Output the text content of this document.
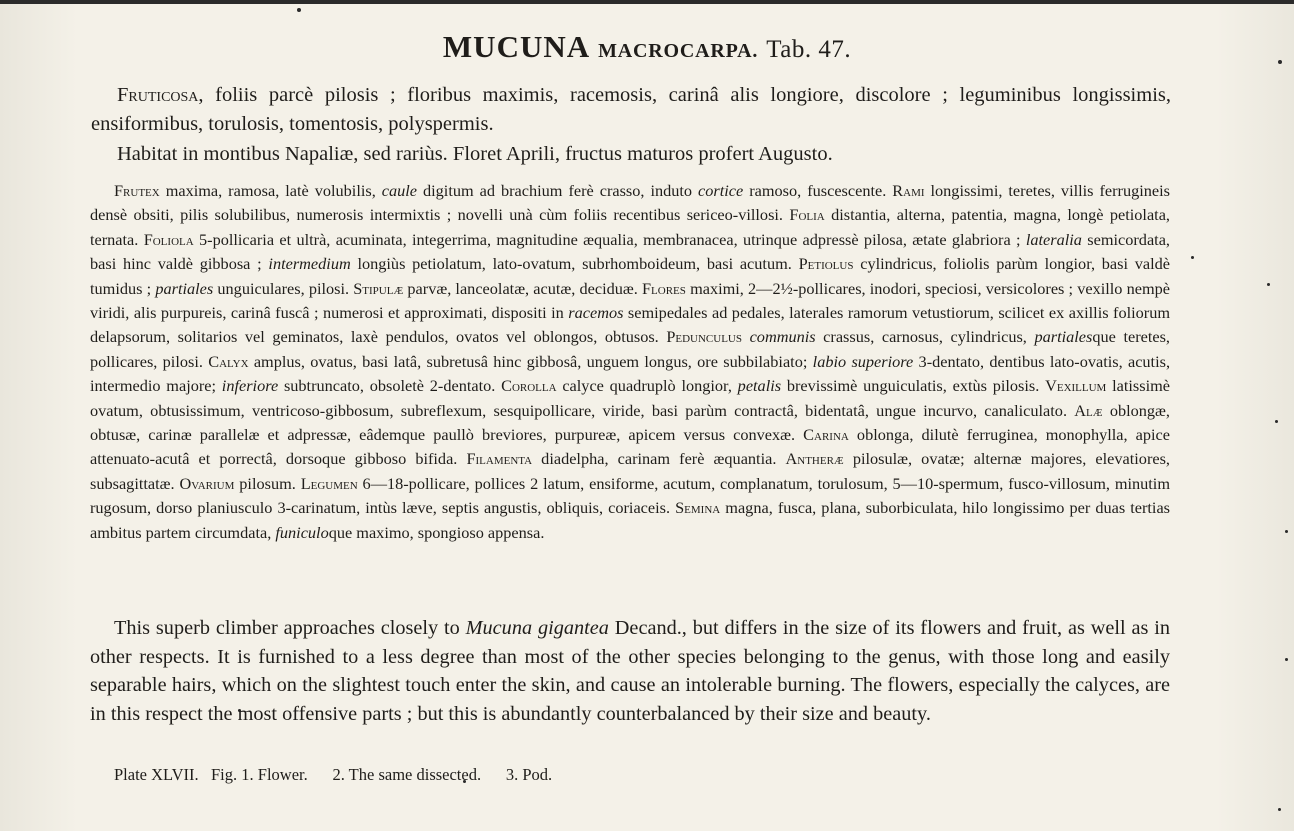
MUCUNA MACROCARPA. Tab. 47.

Fruticosa, foliis parcè pilosis ; floribus maximis, racemosis, carinâ alis longiore, discolore ; leguminibus longissimis, ensiformibus, torulosis, tomentosis, polyspermis.

Habitat in montibus Napaliæ, sed rariùs. Floret Aprili, fructus maturos profert Augusto.

Frutex maxima, ramosa, latè volubilis, caule digitum ad brachium ferè crasso, induto cortice ramoso, fuscescente. Rami longissimi, teretes, villis ferrugineis densè obsiti, pilis solubilibus, numerosis intermixtis ; novelli unà cùm foliis recentibus sericeo-villosi. Folia distantia, alterna, patentia, magna, longè petiolata, ternata. Foliola 5-pollicaria et ultrà, acuminata, integerrima, magnitudine æqualia, membranacea, utrinque adpressè pilosa, ætate glabriora ; lateralia semicordata, basi hinc valdè gibbosa ; intermedium longiùs petiolatum, lato-ovatum, subrhomboideum, basi acutum. Petiolus cylindricus, foliolis parùm longior, basi valdè tumidus ; partiales unguiculares, pilosi. Stipulæ parvæ, lanceolatæ, acutæ, deciduæ. Flores maximi, 2—2½-pollicares, inodori, speciosi, versicolores ; vexillo nempè viridi, alis purpureis, carinâ fuscâ ; numerosi et approximati, dispositi in racemos semipedales ad pedales, laterales ramorum vetustiorum, scilicet ex axillis foliorum delapsorum, solitarios vel geminatos, laxè pendulos, ovatos vel oblongos, obtusos. Pedunculus communis crassus, carnosus, cylindricus, partialesque teretes, pollicares, pilosi. Calyx amplus, ovatus, basi latâ, subretusâ hinc gibbosâ, unguem longus, ore subbilabiato; labio superiore 3-dentato, dentibus lato-ovatis, acutis, intermedio majore; inferiore subtruncato, obsoletè 2-dentato. Corolla calyce quadruplò longior, petalis brevissimè unguiculatis, extùs pilosis. Vexillum latissimè ovatum, obtusissimum, ventricoso-gibbosum, subreflexum, sesquipollicare, viride, basi parùm contractâ, bidentatâ, ungue incurvo, canaliculato. Alæ oblongæ, obtusæ, carinæ parallelæ et adpressæ, eâdemque paullò breviores, purpureæ, apicem versus convexæ. Carina oblonga, dilutè ferruginea, monophylla, apice attenuato-acutâ et porrectâ, dorsoque gibboso bifida. Filamenta diadelpha, carinam ferè æquantia. Antheræ pilosulæ, ovatæ; alternæ majores, elevatiores, subsagittatæ. Ovarium pilosum. Legumen 6—18-pollicare, pollices 2 latum, ensiforme, acutum, complanatum, torulosum, 5—10-spermum, fusco-villosum, minutim rugosum, dorso planiusculo 3-carinatum, intùs læve, septis angustis, obliquis, coriaceis. Semina magna, fusca, plana, suborbiculata, hilo longissimo per duas tertias ambitus partem circumdata, funiculoque maximo, spongioso appensa.

This superb climber approaches closely to Mucuna gigantea Decand., but differs in the size of its flowers and fruit, as well as in other respects. It is furnished to a less degree than most of the other species belonging to the genus, with those long and easily separable hairs, which on the slightest touch enter the skin, and cause an intolerable burning. The flowers, especially the calyces, are in this respect the most offensive parts ; but this is abundantly counterbalanced by their size and beauty.

Plate XLVII.   Fig. 1. Flower.      2. The same dissected.      3. Pod.
